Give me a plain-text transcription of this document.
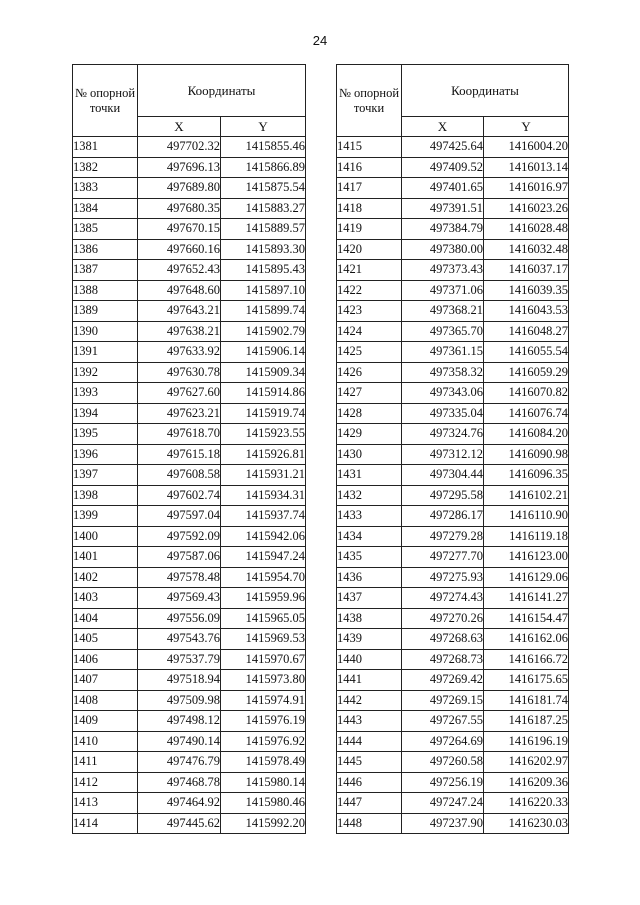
24
№ опорной точки	Координаты	
	X	Y
1381	497702.32	1415855.46
1382	497696.13	1415866.89
1383	497689.80	1415875.54
1384	497680.35	1415883.27
1385	497670.15	1415889.57
1386	497660.16	1415893.30
1387	497652.43	1415895.43
1388	497648.60	1415897.10
1389	497643.21	1415899.74
1390	497638.21	1415902.79
1391	497633.92	1415906.14
1392	497630.78	1415909.34
1393	497627.60	1415914.86
1394	497623.21	1415919.74
1395	497618.70	1415923.55
1396	497615.18	1415926.81
1397	497608.58	1415931.21
1398	497602.74	1415934.31
1399	497597.04	1415937.74
1400	497592.09	1415942.06
1401	497587.06	1415947.24
1402	497578.48	1415954.70
1403	497569.43	1415959.96
1404	497556.09	1415965.05
1405	497543.76	1415969.53
1406	497537.79	1415970.67
1407	497518.94	1415973.80
1408	497509.98	1415974.91
1409	497498.12	1415976.19
1410	497490.14	1415976.92
1411	497476.79	1415978.49
1412	497468.78	1415980.14
1413	497464.92	1415980.46
1414	497445.62	1415992.20
№ опорной точки	Координаты	
	X	Y
1415	497425.64	1416004.20
1416	497409.52	1416013.14
1417	497401.65	1416016.97
1418	497391.51	1416023.26
1419	497384.79	1416028.48
1420	497380.00	1416032.48
1421	497373.43	1416037.17
1422	497371.06	1416039.35
1423	497368.21	1416043.53
1424	497365.70	1416048.27
1425	497361.15	1416055.54
1426	497358.32	1416059.29
1427	497343.06	1416070.82
1428	497335.04	1416076.74
1429	497324.76	1416084.20
1430	497312.12	1416090.98
1431	497304.44	1416096.35
1432	497295.58	1416102.21
1433	497286.17	1416110.90
1434	497279.28	1416119.18
1435	497277.70	1416123.00
1436	497275.93	1416129.06
1437	497274.43	1416141.27
1438	497270.26	1416154.47
1439	497268.63	1416162.06
1440	497268.73	1416166.72
1441	497269.42	1416175.65
1442	497269.15	1416181.74
1443	497267.55	1416187.25
1444	497264.69	1416196.19
1445	497260.58	1416202.97
1446	497256.19	1416209.36
1447	497247.24	1416220.33
1448	497237.90	1416230.03
